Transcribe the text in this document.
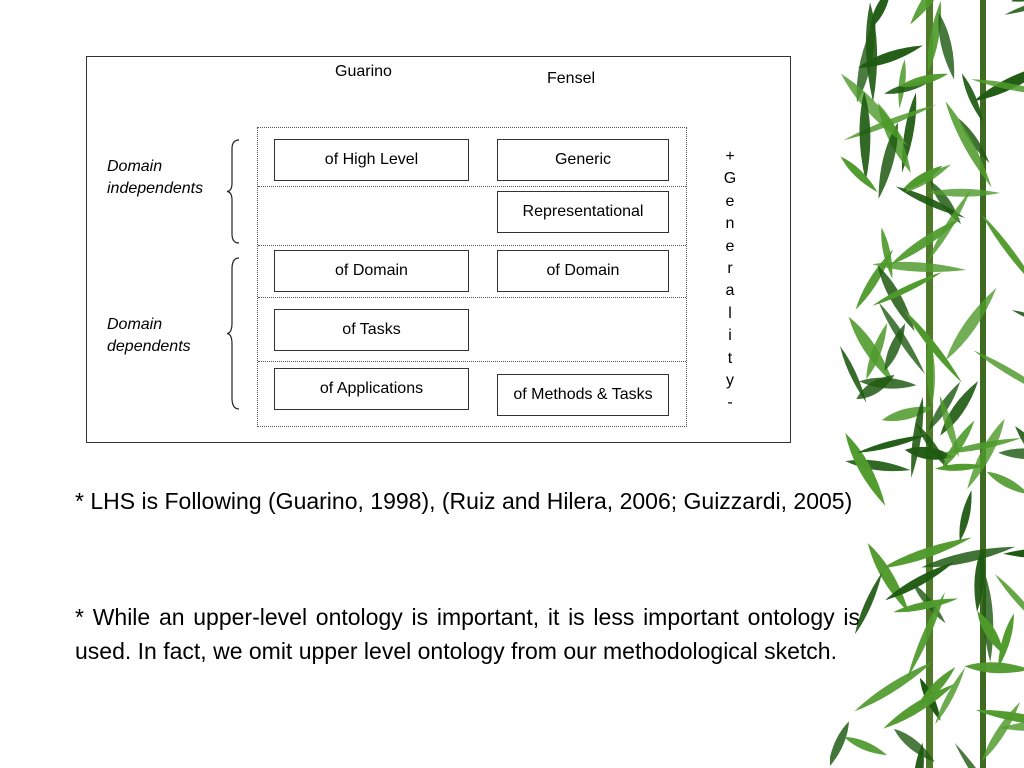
Guarino	Fensel
of High Level
of Domain
of Tasks
of Applications
Generic
Representational
of Domain
of Methods & Tasks
Domain
independents
Domain
dependents
+
G
e
n
e
r
a
l
i
t
y
-
* LHS is Following (Guarino, 1998), (Ruiz and Hilera, 2006; Guizzardi, 2005)
* While an upper-level ontology is important, it is less important ontology is used. In fact, we omit upper level ontology from our methodological sketch.
